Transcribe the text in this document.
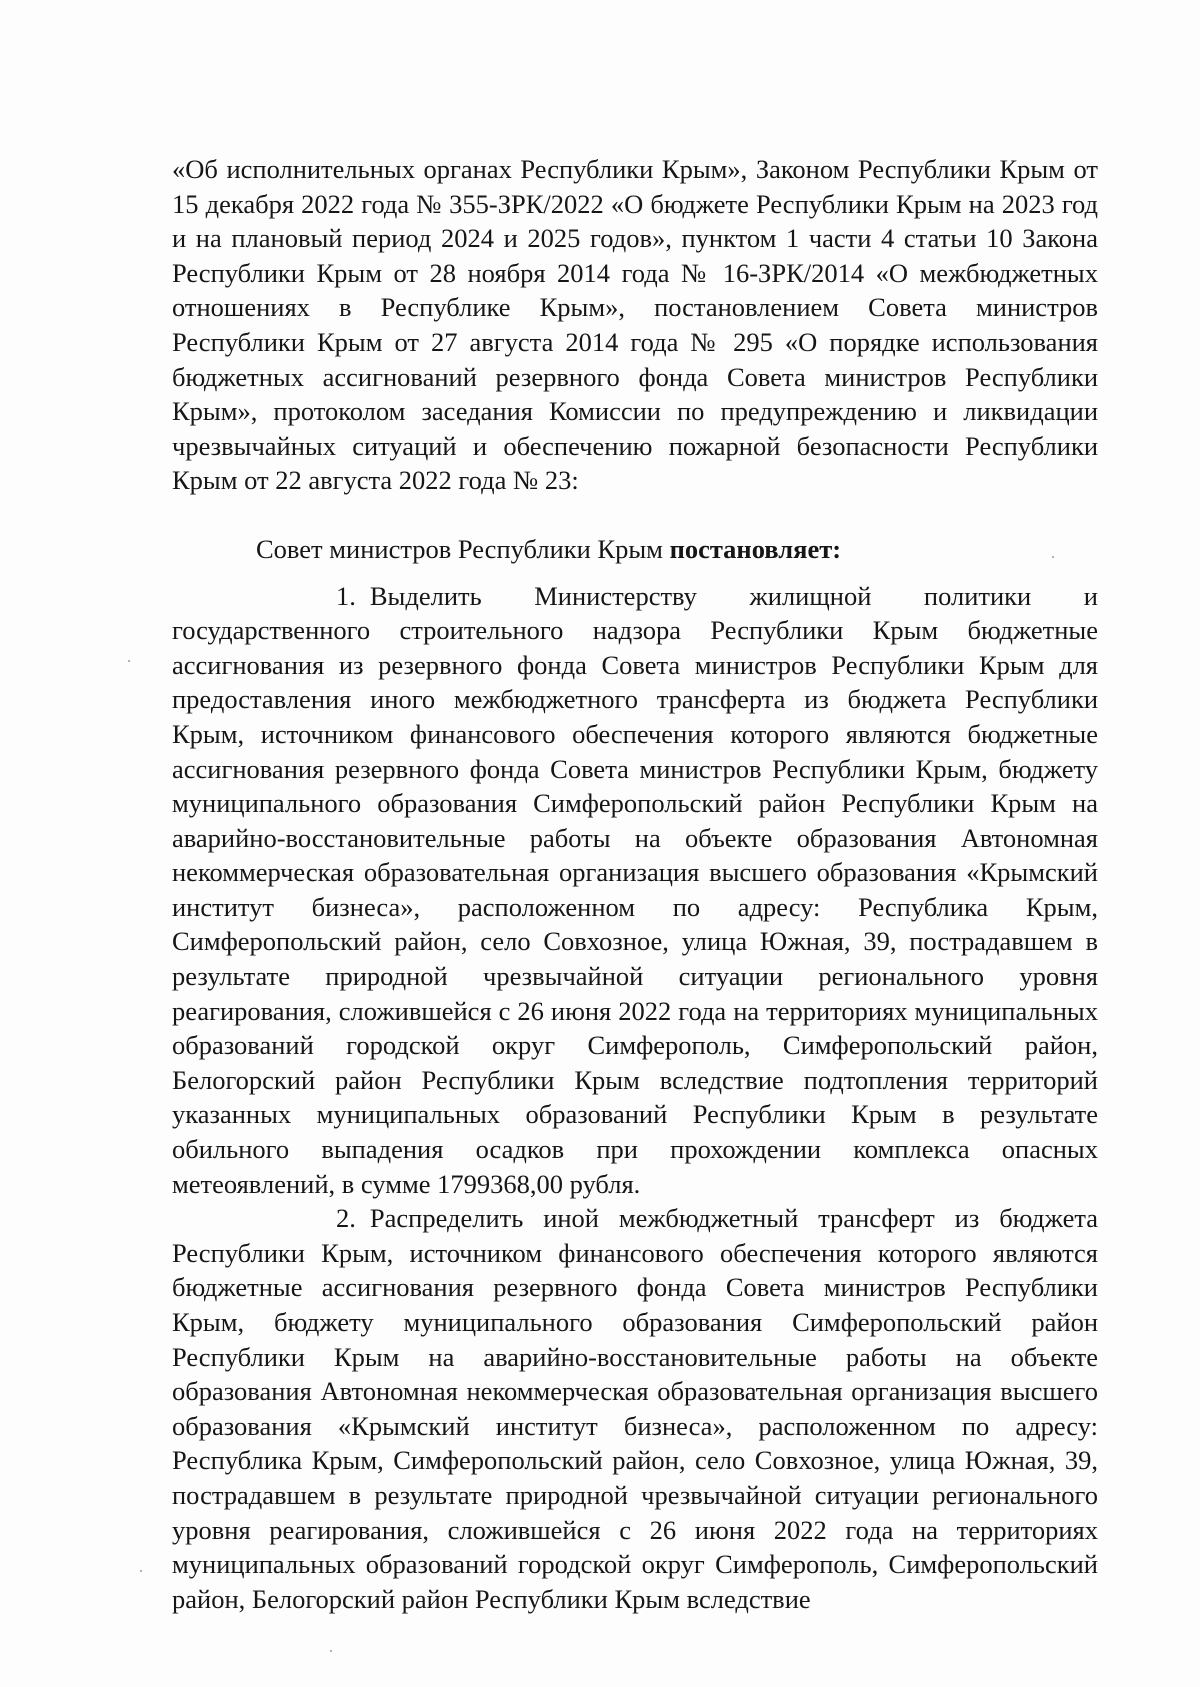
«Об исполнительных органах Республики Крым», Законом Республики Крым от 15 декабря 2022 года № 355-ЗРК/2022 «О бюджете Республики Крым на 2023 год и на плановый период 2024 и 2025 годов», пунктом 1 части 4 статьи 10 Закона Республики Крым от 28 ноября 2014 года № 16-ЗРК/2014 «О межбюджетных отношениях в Республике Крым», постановлением Совета министров Республики Крым от 27 августа 2014 года № 295 «О порядке использования бюджетных ассигнований резервного фонда Совета министров Республики Крым», протоколом заседания Комиссии по предупреждению и ликвидации чрезвычайных ситуаций и обеспечению пожарной безопасности Республики Крым от 22 августа 2022 года № 23:

Совет министров Республики Крым постановляет:

1. Выделить Министерству жилищной политики и государственного строительного надзора Республики Крым бюджетные ассигнования из резервного фонда Совета министров Республики Крым для предоставления иного межбюджетного трансферта из бюджета Республики Крым, источником финансового обеспечения которого являются бюджетные ассигнования резервного фонда Совета министров Республики Крым, бюджету муниципального образования Симферопольский район Республики Крым на аварийно-восстановительные работы на объекте образования Автономная некоммерческая образовательная организация высшего образования «Крымский институт бизнеса», расположенном по адресу: Республика Крым, Симферопольский район, село Совхозное, улица Южная, 39, пострадавшем в результате природной чрезвычайной ситуации регионального уровня реагирования, сложившейся с 26 июня 2022 года на территориях муниципальных образований городской округ Симферополь, Симферопольский район, Белогорский район Республики Крым вследствие подтопления территорий указанных муниципальных образований Республики Крым в результате обильного выпадения осадков при прохождении комплекса опасных метеоявлений, в сумме 1799368,00 рубля.

2. Распределить иной межбюджетный трансферт из бюджета Республики Крым, источником финансового обеспечения которого являются бюджетные ассигнования резервного фонда Совета министров Республики Крым, бюджету муниципального образования Симферопольский район Республики Крым на аварийно-восстановительные работы на объекте образования Автономная некоммерческая образовательная организация высшего образования «Крымский институт бизнеса», расположенном по адресу: Республика Крым, Симферопольский район, село Совхозное, улица Южная, 39, пострадавшем в результате природной чрезвычайной ситуации регионального уровня реагирования, сложившейся с 26 июня 2022 года на территориях муниципальных образований городской округ Симферополь, Симферопольский район, Белогорский район Республики Крым вследствие
